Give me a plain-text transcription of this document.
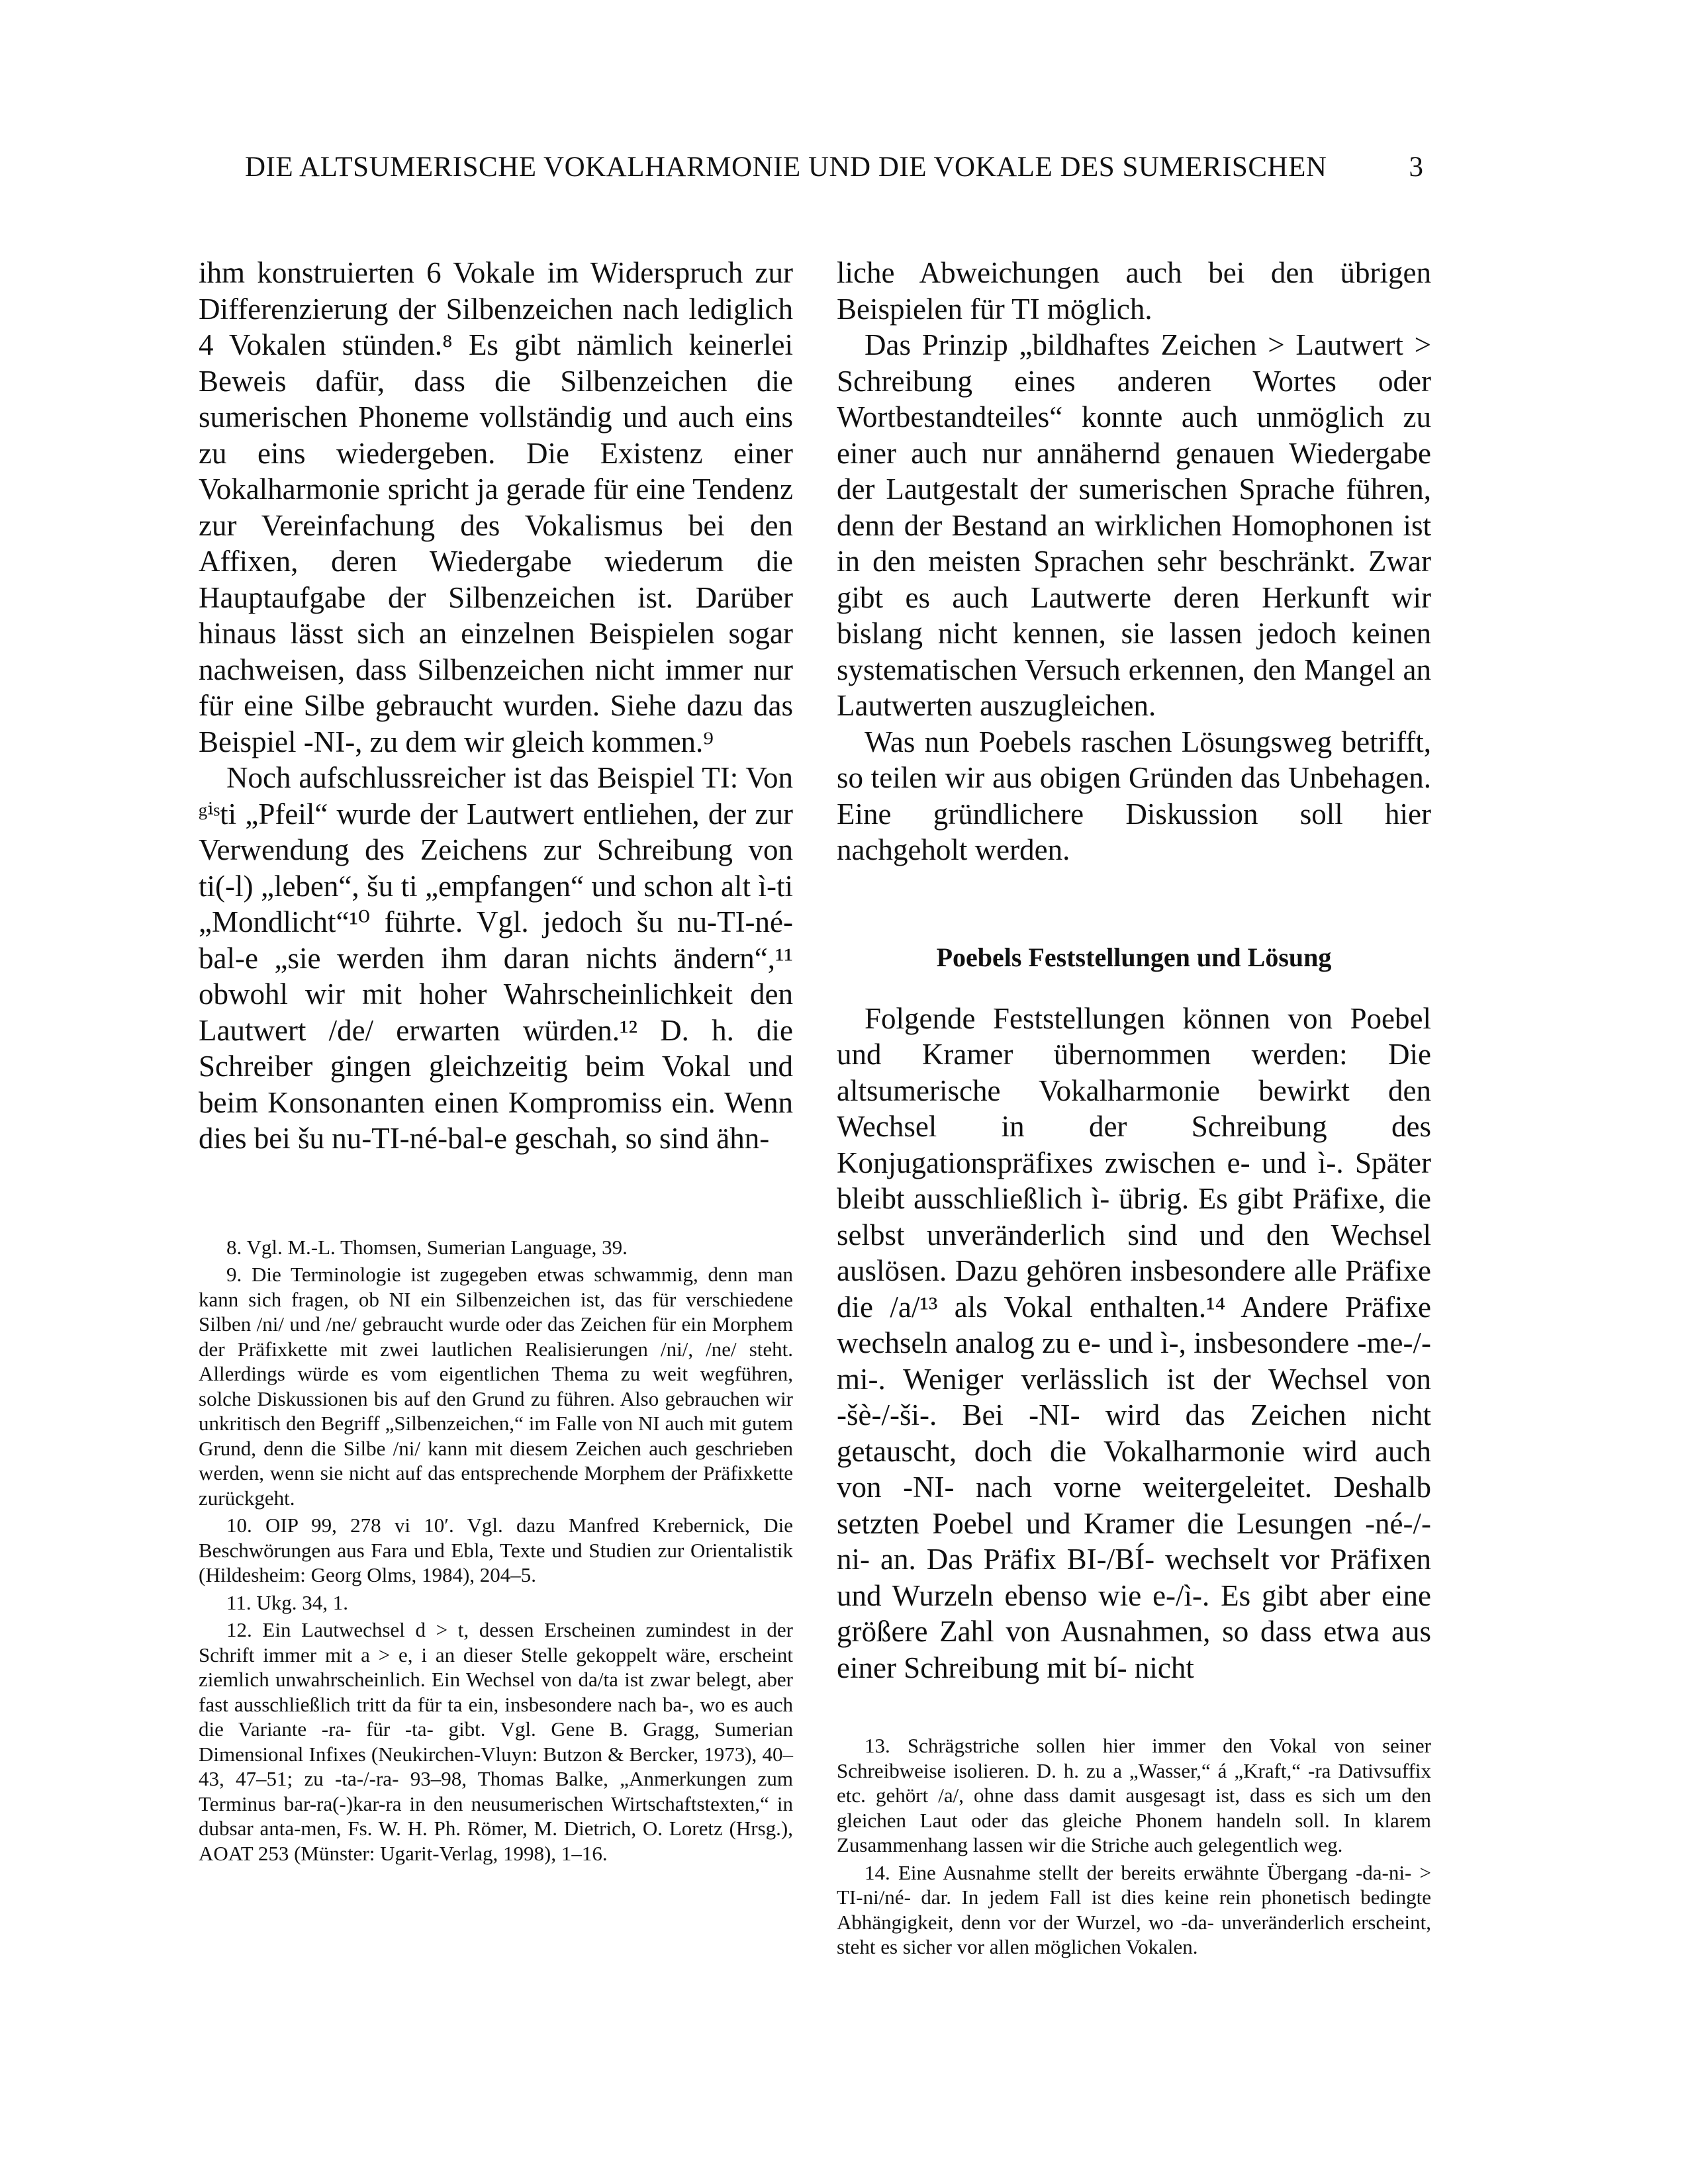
DIE ALTSUMERISCHE VOKALHARMONIE UND DIE VOKALE DES SUMERISCHEN	3

ihm konstruierten 6 Vokale im Widerspruch zur Differenzierung der Silbenzeichen nach lediglich 4 Vokalen stünden.⁸ Es gibt nämlich keinerlei Beweis dafür, dass die Silbenzeichen die sumerischen Phoneme vollständig und auch eins zu eins wiedergeben. Die Existenz einer Vokalharmonie spricht ja gerade für eine Tendenz zur Vereinfachung des Vokalismus bei den Affixen, deren Wiedergabe wiederum die Hauptaufgabe der Silbenzeichen ist. Darüber hinaus lässt sich an einzelnen Beispielen sogar nachweisen, dass Silbenzeichen nicht immer nur für eine Silbe gebraucht wurden. Siehe dazu das Beispiel -NI-, zu dem wir gleich kommen.⁹

Noch aufschlussreicher ist das Beispiel TI: Von ᵍⁱˢti „Pfeil“ wurde der Lautwert entliehen, der zur Verwendung des Zeichens zur Schreibung von ti(-l) „leben“, šu ti „empfangen“ und schon alt ì-ti „Mondlicht“¹⁰ führte. Vgl. jedoch šu nu-TI-né-bal-e „sie werden ihm daran nichts ändern“,¹¹ obwohl wir mit hoher Wahrscheinlichkeit den Lautwert /de/ erwarten würden.¹² D. h. die Schreiber gingen gleichzeitig beim Vokal und beim Konsonanten einen Kompromiss ein. Wenn dies bei šu nu-TI-né-bal-e geschah, so sind ähn-

8. Vgl. M.-L. Thomsen, Sumerian Language, 39.

9. Die Terminologie ist zugegeben etwas schwammig, denn man kann sich fragen, ob NI ein Silbenzeichen ist, das für verschiedene Silben /ni/ und /ne/ gebraucht wurde oder das Zeichen für ein Morphem der Präfixkette mit zwei lautlichen Realisierungen /ni/, /ne/ steht. Allerdings würde es vom eigentlichen Thema zu weit wegführen, solche Diskussionen bis auf den Grund zu führen. Also gebrauchen wir unkritisch den Begriff „Silbenzeichen,“ im Falle von NI auch mit gutem Grund, denn die Silbe /ni/ kann mit diesem Zeichen auch geschrieben werden, wenn sie nicht auf das entsprechende Morphem der Präfixkette zurückgeht.

10. OIP 99, 278 vi 10′. Vgl. dazu Manfred Krebernick, Die Beschwörungen aus Fara und Ebla, Texte und Studien zur Orientalistik (Hildesheim: Georg Olms, 1984), 204–5.

11. Ukg. 34, 1.

12. Ein Lautwechsel d > t, dessen Erscheinen zumindest in der Schrift immer mit a > e, i an dieser Stelle gekoppelt wäre, erscheint ziemlich unwahrscheinlich. Ein Wechsel von da/ta ist zwar belegt, aber fast ausschließlich tritt da für ta ein, insbesondere nach ba-, wo es auch die Variante -ra- für -ta- gibt. Vgl. Gene B. Gragg, Sumerian Dimensional Infixes (Neukirchen-Vluyn: Butzon & Bercker, 1973), 40–43, 47–51; zu -ta-/-ra- 93–98, Thomas Balke, „Anmerkungen zum Terminus bar-ra(-)kar-ra in den neusumerischen Wirtschaftstexten,“ in dubsar anta-men, Fs. W. H. Ph. Römer, M. Dietrich, O. Loretz (Hrsg.), AOAT 253 (Münster: Ugarit-Verlag, 1998), 1–16.

liche Abweichungen auch bei den übrigen Beispielen für TI möglich.

Das Prinzip „bildhaftes Zeichen > Lautwert > Schreibung eines anderen Wortes oder Wortbestandteiles“ konnte auch unmöglich zu einer auch nur annähernd genauen Wiedergabe der Lautgestalt der sumerischen Sprache führen, denn der Bestand an wirklichen Homophonen ist in den meisten Sprachen sehr beschränkt. Zwar gibt es auch Lautwerte deren Herkunft wir bislang nicht kennen, sie lassen jedoch keinen systematischen Versuch erkennen, den Mangel an Lautwerten auszugleichen.

Was nun Poebels raschen Lösungsweg betrifft, so teilen wir aus obigen Gründen das Unbehagen. Eine gründlichere Diskussion soll hier nachgeholt werden.

Poebels Feststellungen und Lösung

Folgende Feststellungen können von Poebel und Kramer übernommen werden: Die altsumerische Vokalharmonie bewirkt den Wechsel in der Schreibung des Konjugationspräfixes zwischen e- und ì-. Später bleibt ausschließlich ì- übrig. Es gibt Präfixe, die selbst unveränderlich sind und den Wechsel auslösen. Dazu gehören insbesondere alle Präfixe die /a/¹³ als Vokal enthalten.¹⁴ Andere Präfixe wechseln analog zu e- und ì-, insbesondere -me-/-mi-. Weniger verlässlich ist der Wechsel von -šè-/-ši-. Bei -NI- wird das Zeichen nicht getauscht, doch die Vokalharmonie wird auch von -NI- nach vorne weitergeleitet. Deshalb setzten Poebel und Kramer die Lesungen -né-/-ni- an. Das Präfix BI-/BÍ- wechselt vor Präfixen und Wurzeln ebenso wie e-/ì-. Es gibt aber eine größere Zahl von Ausnahmen, so dass etwa aus einer Schreibung mit bí- nicht

13. Schrägstriche sollen hier immer den Vokal von seiner Schreibweise isolieren. D. h. zu a „Wasser,“ á „Kraft,“ -ra Dativsuffix etc. gehört /a/, ohne dass damit ausgesagt ist, dass es sich um den gleichen Laut oder das gleiche Phonem handeln soll. In klarem Zusammenhang lassen wir die Striche auch gelegentlich weg.

14. Eine Ausnahme stellt der bereits erwähnte Übergang -da-ni- > TI-ni/né- dar. In jedem Fall ist dies keine rein phonetisch bedingte Abhängigkeit, denn vor der Wurzel, wo -da- unveränderlich erscheint, steht es sicher vor allen möglichen Vokalen.
